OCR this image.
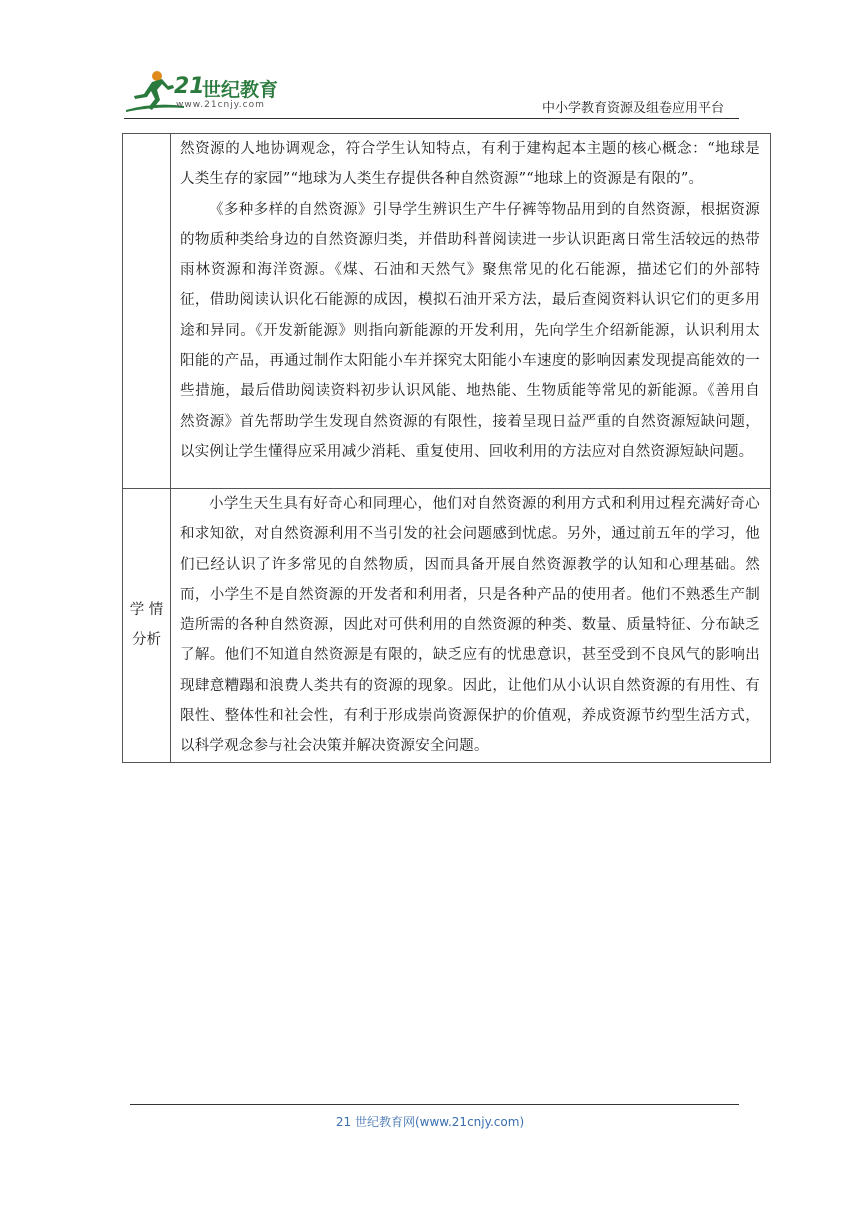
21
世纪教育
www.21cnjy.com	中小学教育资源及组卷应用平台

	然资源的人地协调观念，符合学生认知特点，有利于建构起本主题的核心概念：“地球是人类生存的家园”“地球为人类生存提供各种自然资源”“地球上的资源是有限的”。

《多种多样的自然资源》引导学生辨识生产牛仔裤等物品用到的自然资源，根据资源的物质种类给身边的自然资源归类，并借助科普阅读进一步认识距离日常生活较远的热带雨林资源和海洋资源。《煤、石油和天然气》聚焦常见的化石能源，描述它们的外部特征，借助阅读认识化石能源的成因，模拟石油开采方法，最后查阅资料认识它们的更多用途和异同。《开发新能源》则指向新能源的开发利用，先向学生介绍新能源，认识利用太阳能的产品，再通过制作太阳能小车并探究太阳能小车速度的影响因素发现提高能效的一些措施，最后借助阅读资料初步认识风能、地热能、生物质能等常见的新能源。《善用自然资源》首先帮助学生发现自然资源的有限性，接着呈现日益严重的自然资源短缺问题，以实例让学生懂得应采用减少消耗、重复使用、回收利用的方法应对自然资源短缺问题。

学 情
分析	小学生天生具有好奇心和同理心，他们对自然资源的利用方式和利用过程充满好奇心和求知欲，对自然资源利用不当引发的社会问题感到忧虑。另外，通过前五年的学习，他们已经认识了许多常见的自然物质，因而具备开展自然资源教学的认知和心理基础。然而，小学生不是自然资源的开发者和利用者，只是各种产品的使用者。他们不熟悉生产制造所需的各种自然资源，因此对可供利用的自然资源的种类、数量、质量特征、分布缺乏了解。他们不知道自然资源是有限的，缺乏应有的忧患意识，甚至受到不良风气的影响出现肆意糟蹋和浪费人类共有的资源的现象。因此，让他们从小认识自然资源的有用性、有限性、整体性和社会性，有利于形成崇尚资源保护的价值观，养成资源节约型生活方式，以科学观念参与社会决策并解决资源安全问题。

21 世纪教育网(www.21cnjy.com)
